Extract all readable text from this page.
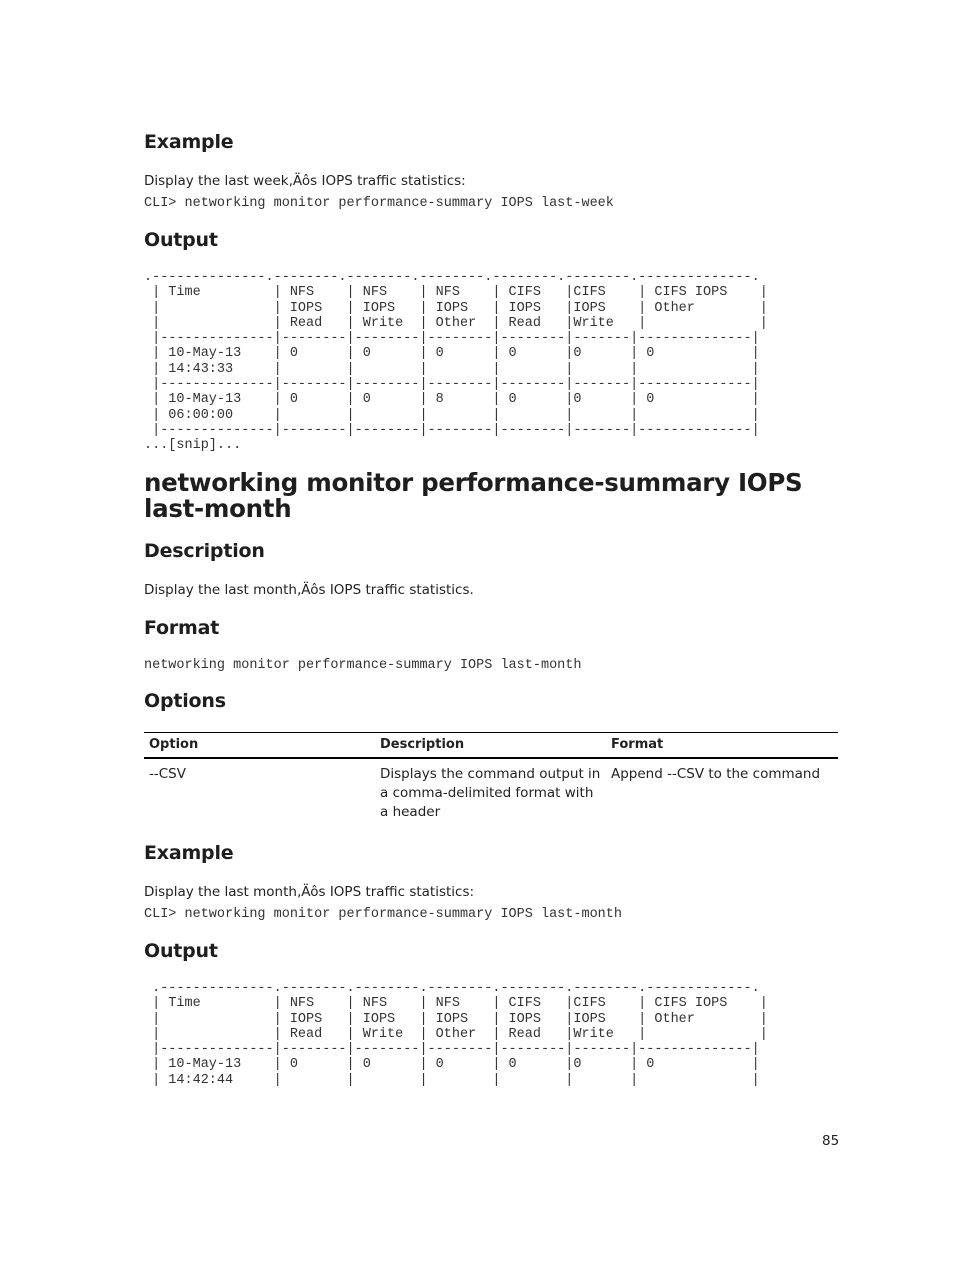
Example

Display the last week‚Äôs IOPS traffic statistics:

CLI> networking monitor performance-summary IOPS last-week
Output
.--------------.--------.--------.--------.--------.--------.--------------.
| Time         | NFS    | NFS    | NFS    | CIFS   |CIFS    | CIFS IOPS    |
|              | IOPS   | IOPS   | IOPS   | IOPS   |IOPS    | Other        |
|              | Read   | Write  | Other  | Read   |Write   |              |
|--------------|--------|--------|--------|--------|-------|--------------|
| 10-May-13    | 0      | 0      | 0      | 0      |0      | 0            |
| 14:43:33     |        |        |        |        |       |              |
|--------------|--------|--------|--------|--------|-------|--------------|
| 10-May-13    | 0      | 0      | 8      | 0      |0      | 0            |
| 06:00:00     |        |        |        |        |       |              |
|--------------|--------|--------|--------|--------|-------|--------------|
...[snip]...
networking monitor performance-summary IOPS last-month
Description

Display the last month‚Äôs IOPS traffic statistics.

Format
networking monitor performance-summary IOPS last-month
Options
Option	Description	Format
--CSV	Displays the command output in a comma-delimited format with a header	Append --CSV to the command
Example

Display the last month‚Äôs IOPS traffic statistics:

CLI> networking monitor performance-summary IOPS last-month
Output
.--------------.--------.--------.--------.--------.--------.-------------.
| Time         | NFS    | NFS    | NFS    | CIFS   |CIFS    | CIFS IOPS    |
|              | IOPS   | IOPS   | IOPS   | IOPS   |IOPS    | Other        |
|              | Read   | Write  | Other  | Read   |Write   |              |
|--------------|--------|--------|--------|--------|-------|--------------|
| 10-May-13    | 0      | 0      | 0      | 0      |0      | 0            |
| 14:42:44     |        |        |        |        |       |              |
85
